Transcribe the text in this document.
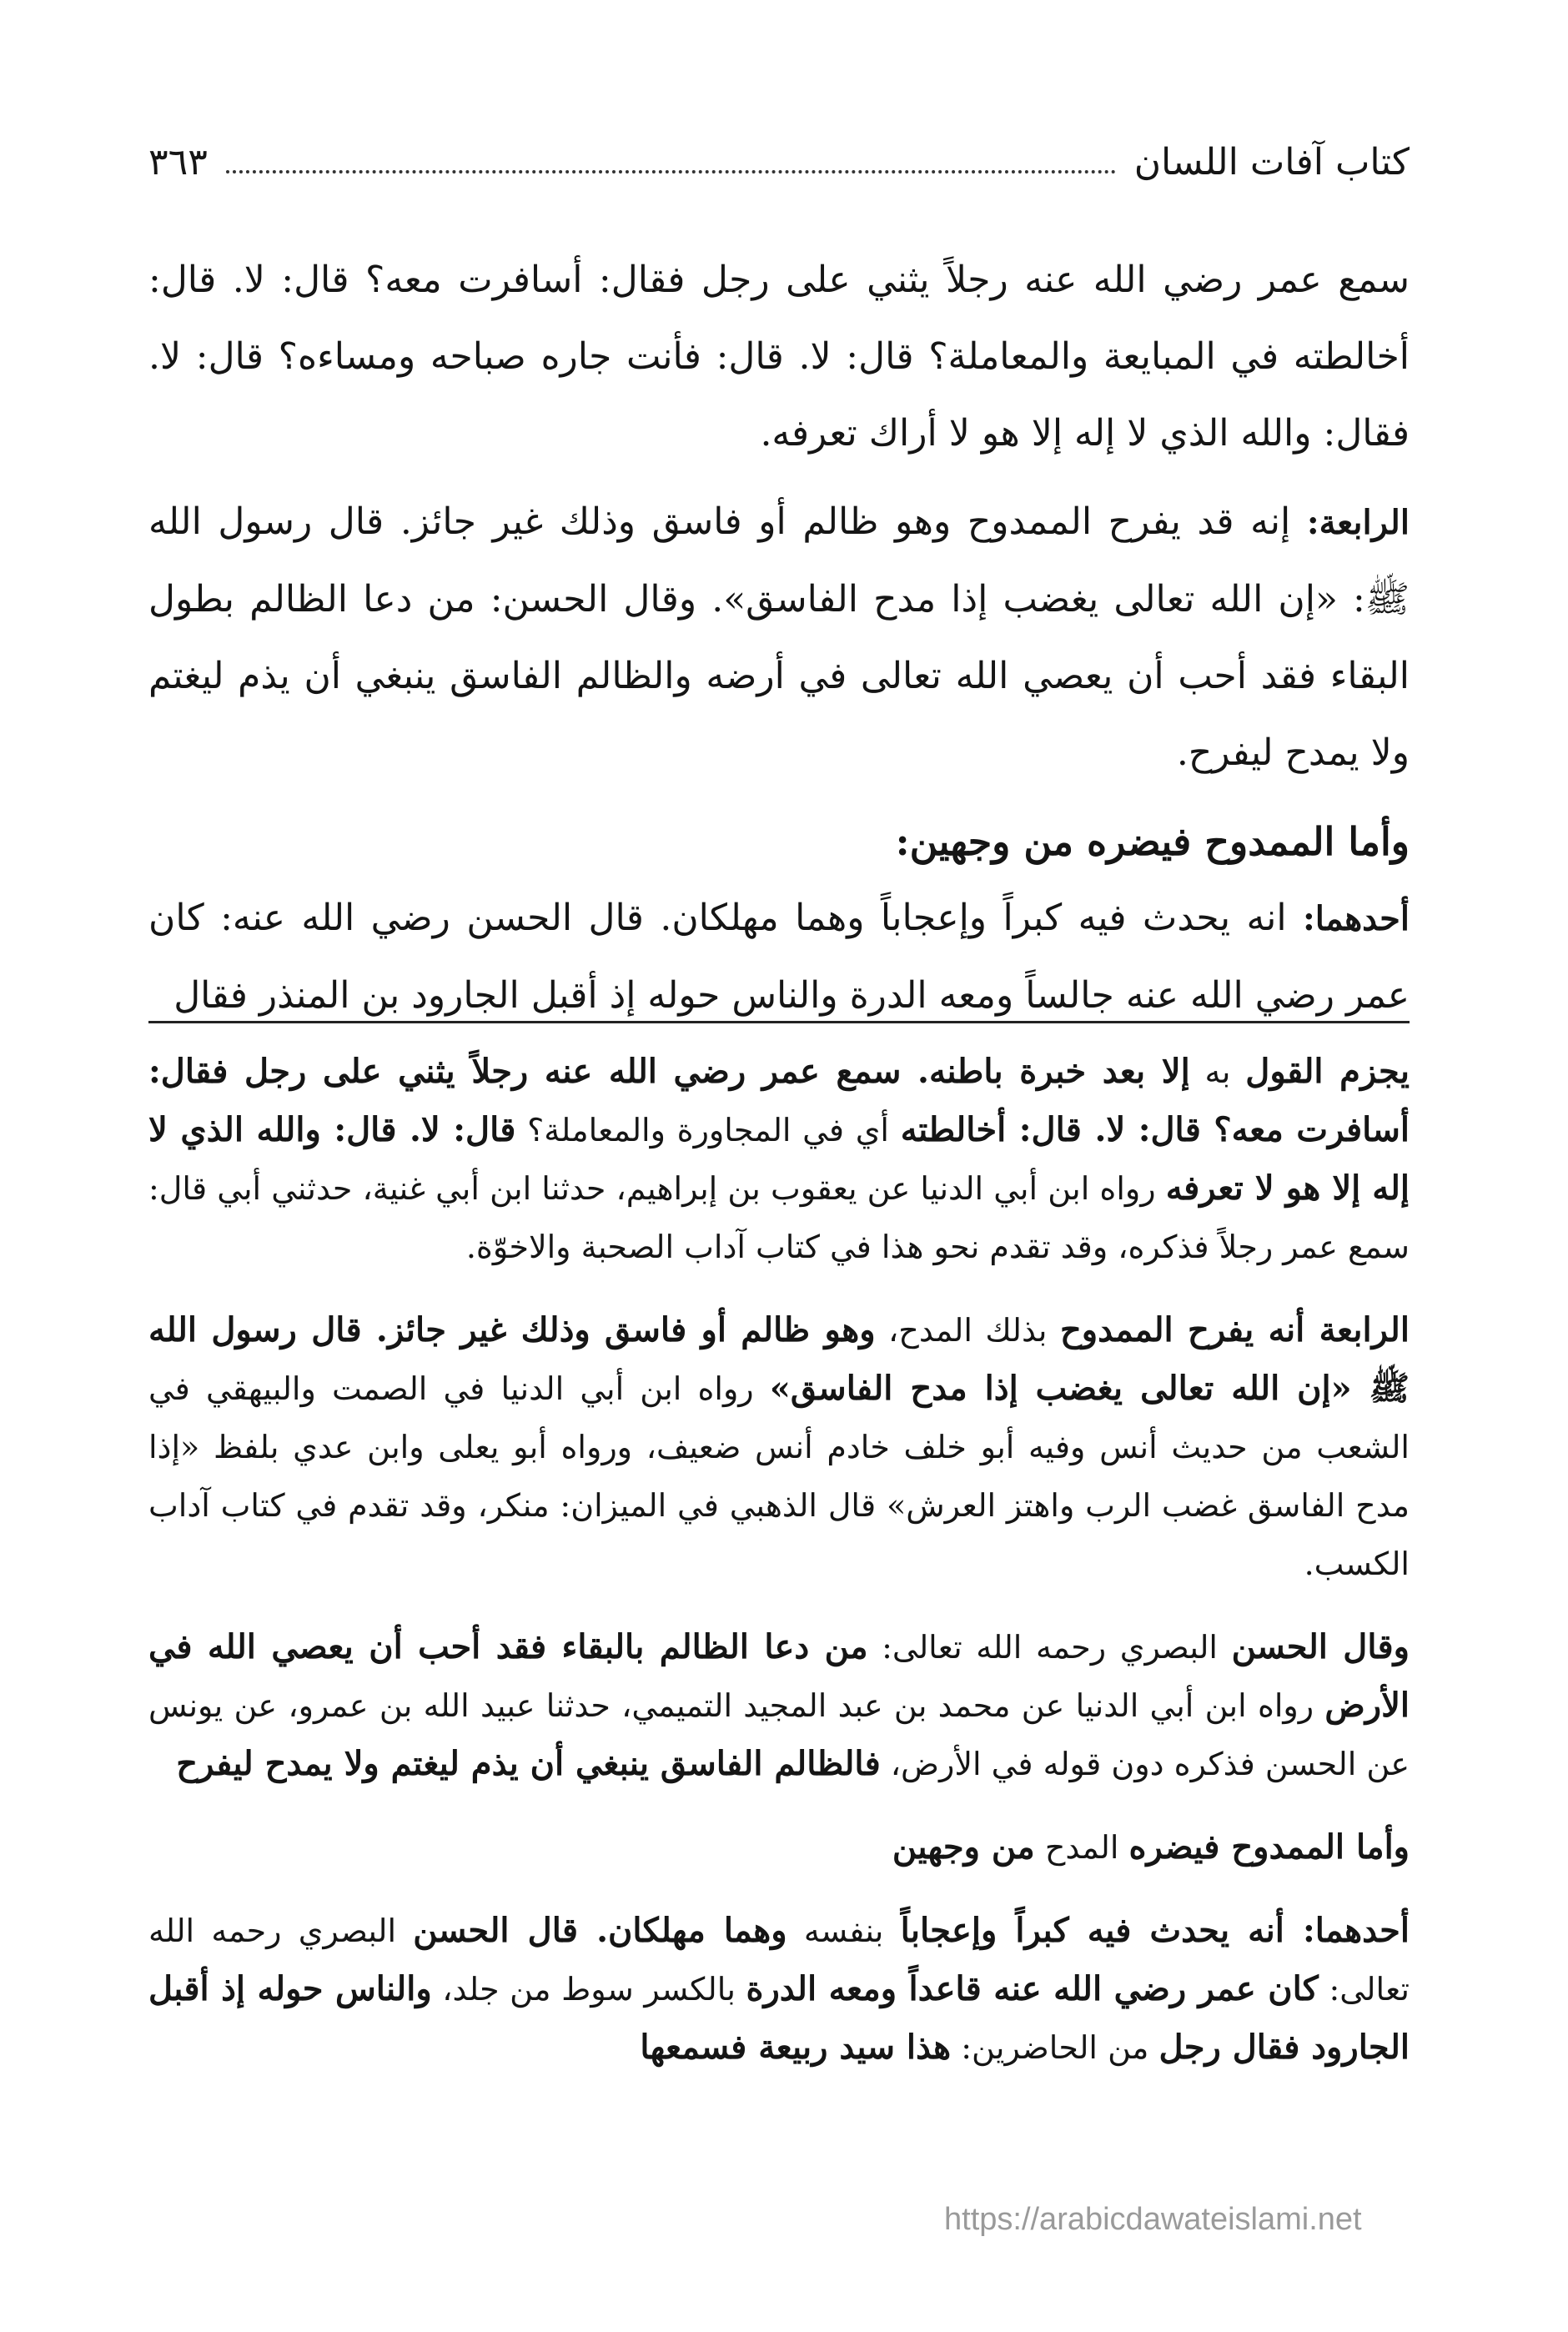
كتاب آفات اللسان
٣٦٣

سمع عمر رضي الله عنه رجلاً يثني على رجل فقال: أسافرت معه؟ قال: لا. قال: أخالطته في المبايعة والمعاملة؟ قال: لا. قال: فأنت جاره صباحه ومساءه؟ قال: لا. فقال: والله الذي لا إله إلا هو لا أراك تعرفه.

الرابعة: إنه قد يفرح الممدوح وهو ظالم أو فاسق وذلك غير جائز. قال رسول الله ﷺ: «إن الله تعالى يغضب إذا مدح الفاسق». وقال الحسن: من دعا الظالم بطول البقاء فقد أحب أن يعصي الله تعالى في أرضه والظالم الفاسق ينبغي أن يذم ليغتم ولا يمدح ليفرح.

وأما الممدوح فيضره من وجهين:

أحدهما: انه يحدث فيه كبراً وإعجاباً وهما مهلكان. قال الحسن رضي الله عنه: كان عمر رضي الله عنه جالساً ومعه الدرة والناس حوله إذ أقبل الجارود بن المنذر فقال

يجزم القول به إلا بعد خبرة باطنه. سمع عمر رضي الله عنه رجلاً يثني على رجل فقال: أسافرت معه؟ قال: لا. قال: أخالطته أي في المجاورة والمعاملة؟ قال: لا. قال: والله الذي لا إله إلا هو لا تعرفه رواه ابن أبي الدنيا عن يعقوب بن إبراهيم، حدثنا ابن أبي غنية، حدثني أبي قال: سمع عمر رجلاً فذكره، وقد تقدم نحو هذا في كتاب آداب الصحبة والاخوّة.

الرابعة أنه يفرح الممدوح بذلك المدح، وهو ظالم أو فاسق وذلك غير جائز. قال رسول الله ﷺ «إن الله تعالى يغضب إذا مدح الفاسق» رواه ابن أبي الدنيا في الصمت والبيهقي في الشعب من حديث أنس وفيه أبو خلف خادم أنس ضعيف، ورواه أبو يعلى وابن عدي بلفظ «إذا مدح الفاسق غضب الرب واهتز العرش» قال الذهبي في الميزان: منكر، وقد تقدم في كتاب آداب الكسب.

وقال الحسن البصري رحمه الله تعالى: من دعا الظالم بالبقاء فقد أحب أن يعصي الله في الأرض رواه ابن أبي الدنيا عن محمد بن عبد المجيد التميمي، حدثنا عبيد الله بن عمرو، عن يونس عن الحسن فذكره دون قوله في الأرض، فالظالم الفاسق ينبغي أن يذم ليغتم ولا يمدح ليفرح

وأما الممدوح فيضره المدح من وجهين

أحدهما: أنه يحدث فيه كبراً وإعجاباً بنفسه وهما مهلكان. قال الحسن البصري رحمه الله تعالى: كان عمر رضي الله عنه قاعداً ومعه الدرة بالكسر سوط من جلد، والناس حوله إذ أقبل الجارود فقال رجل من الحاضرين: هذا سيد ربيعة فسمعها

https://arabicdawateislami.net
